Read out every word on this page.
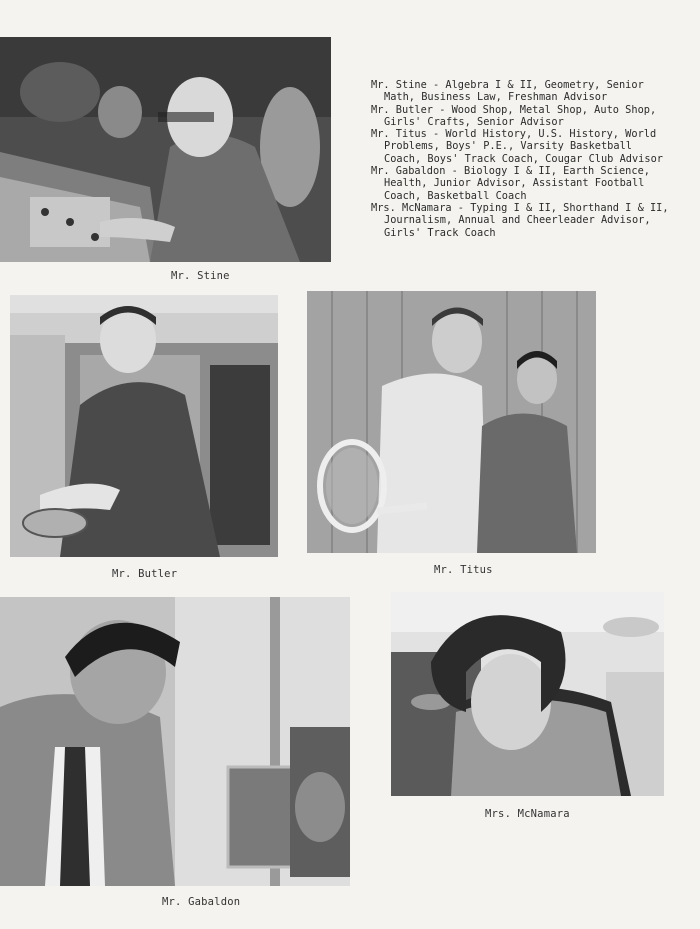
Mr. Stine
Mr. Stine - Algebra I & II, Geometry, Senior
Math, Business Law, Freshman Advisor
Mr. Butler - Wood Shop, Metal Shop, Auto Shop,
Girls' Crafts, Senior Advisor
Mr. Titus - World History, U.S. History, World
Problems, Boys' P.E., Varsity Basketball
Coach, Boys' Track Coach, Cougar Club Advisor
Mr. Gabaldon - Biology I & II, Earth Science,
Health, Junior Advisor, Assistant Football
Coach, Basketball Coach
Mrs. McNamara - Typing I & II, Shorthand I & II,
Journalism, Annual and Cheerleader Advisor,
Girls' Track Coach
Mr. Butler	Mr. Titus
Mr. Gabaldon
Mrs. McNamara
